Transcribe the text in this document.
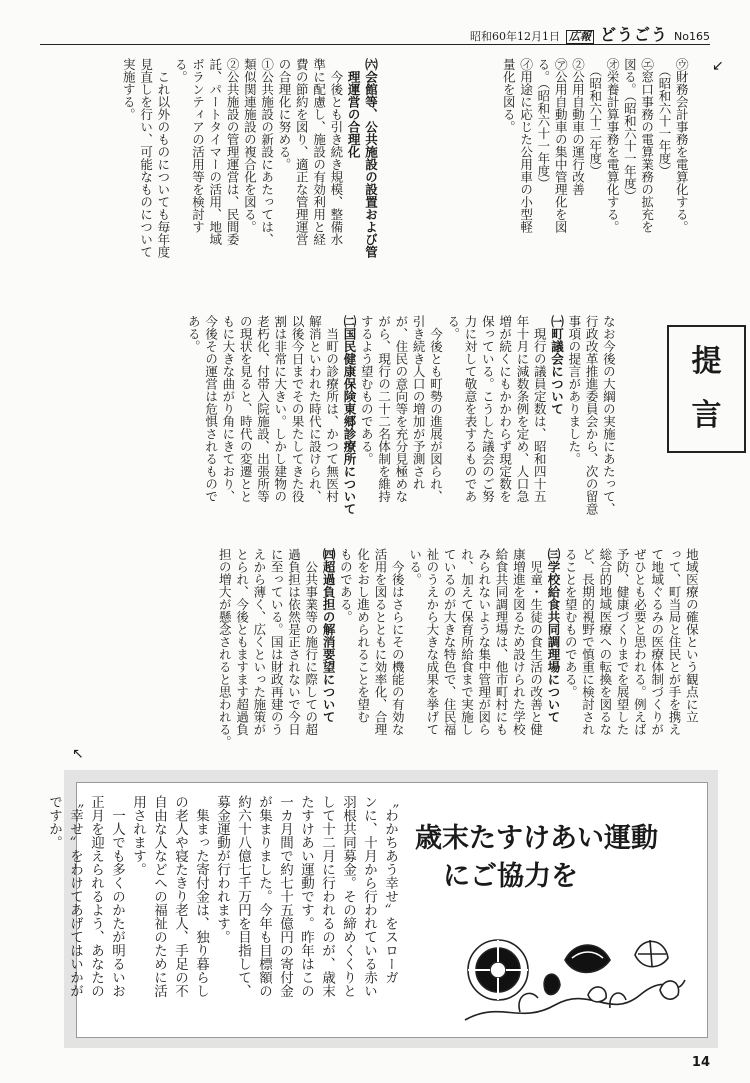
昭和60年12月1日 広報 どうごう No165
↙

㋒財務会計事務を電算化する。

　（昭和六十一年度）

㋓窓口事務の電算業務の拡充を

図る。（昭和六十一年度）

㋔栄養計算事務を電算化する。

　（昭和六十二年度）

②公用自動車の運行改善

㋐公用自動車の集中管理化を図

る。（昭和六十一年度）

㋑用途に応じた公用車の小型軽

量化を図る。

㈥会館等、公共施設の設置および管

　理運営の合理化

　今後とも引き続き規模、整備水

準に配慮し、施設の有効利用と経

費の節約を図り、適正な管理運営

の合理化に努める。

①公共施設の新設にあたっては、

類似関連施設の複合化を図る。

②公共施設の管理運営は、民間委

託、パートタイマーの活用、地域

ボランティアの活用等を検討す

る。

　これ以外のものについても毎年度

見直しを行い、可能なものについて

実施する。

なお今後の大綱の実施にあたって、

行政改革推進委員会から、次の留意

事項の提言がありました。

㈠町議会について

　現行の議員定数は、昭和四十五

年十月に減数条例を定め、人口急

増が続くにもかかわらず現定数を

保っている。こうした議会のご努

力に対して敬意を表するものであ

る。

　今後とも町勢の進展が図られ、

引き続き人口の増加が予測され

が、住民の意向等を充分見極めな

がら、現行の二十二名体制を維持

するよう望むものである。

㈡国民健康保険東郷診療所について

　当町の診療所は、かつて無医村

解消といわれた時代に設けられ、

以後今日までその果たしてきた役

割は非常に大きい。しかし建物の

老朽化、付帯入院施設、出張所等

の現状を見ると、時代の変遷とと

もに大きな曲がり角にきており、

今後その運営は危惧されるもので

ある。

提
言

地域医療の確保という観点に立

って、町当局と住民とが手を携え

て地域ぐるみの医療体制づくりが

ぜひとも必要と思われる。例えば

予防、健康づくりまでを展望した

総合的地域医療への転換を図るな

ど、長期的視野で慎重に検討され

ることを望むものである。

㈢学校給食共同調理場について

　児童・生徒の食生活の改善と健

康増進を図るため設けられた学校

給食共同調理場は、他市町村にも

みられないような集中管理が図ら

れ、加えて保育所給食まで実施し

ているのが大きな特色で、住民福

祉のうえから大きな成果を挙げて

いる。

　今後はさらにその機能の有効な

活用を図るとともに効率化、合理

化をおし進められることを望む

ものである。

㈣超過負担の解消要望について

　公共事業等の施行に際しての超

過負担は依然是正されないで今日

に至っている。国は財政再建のう

えから薄く、広くといった施策が

とられ、今後ともますます超過負

担の増大が懸念されると思われる。

↖
歳末たすけあい運動
にご協力を

〝わかちあう幸せ〟をスローガ

ンに、十月から行われている赤い

羽根共同募金。その締めくくりと

して十二月に行われるのが、歳末

たすけあい運動です。昨年はこの

一カ月間で約七十五億円の寄付金

が集まりました。今年も目標額の

約六十八億七千万円を目指して、

募金運動が行われます。

　集まった寄付金は、独り暮らし

の老人や寝たきり老人、手足の不

自由な人などへの福祉のために活

用されます。

　一人でも多くのかたが明るいお

正月を迎えられるよう、あなたの

〝幸せ〟をわけてあげてはいかが

ですか。

14
